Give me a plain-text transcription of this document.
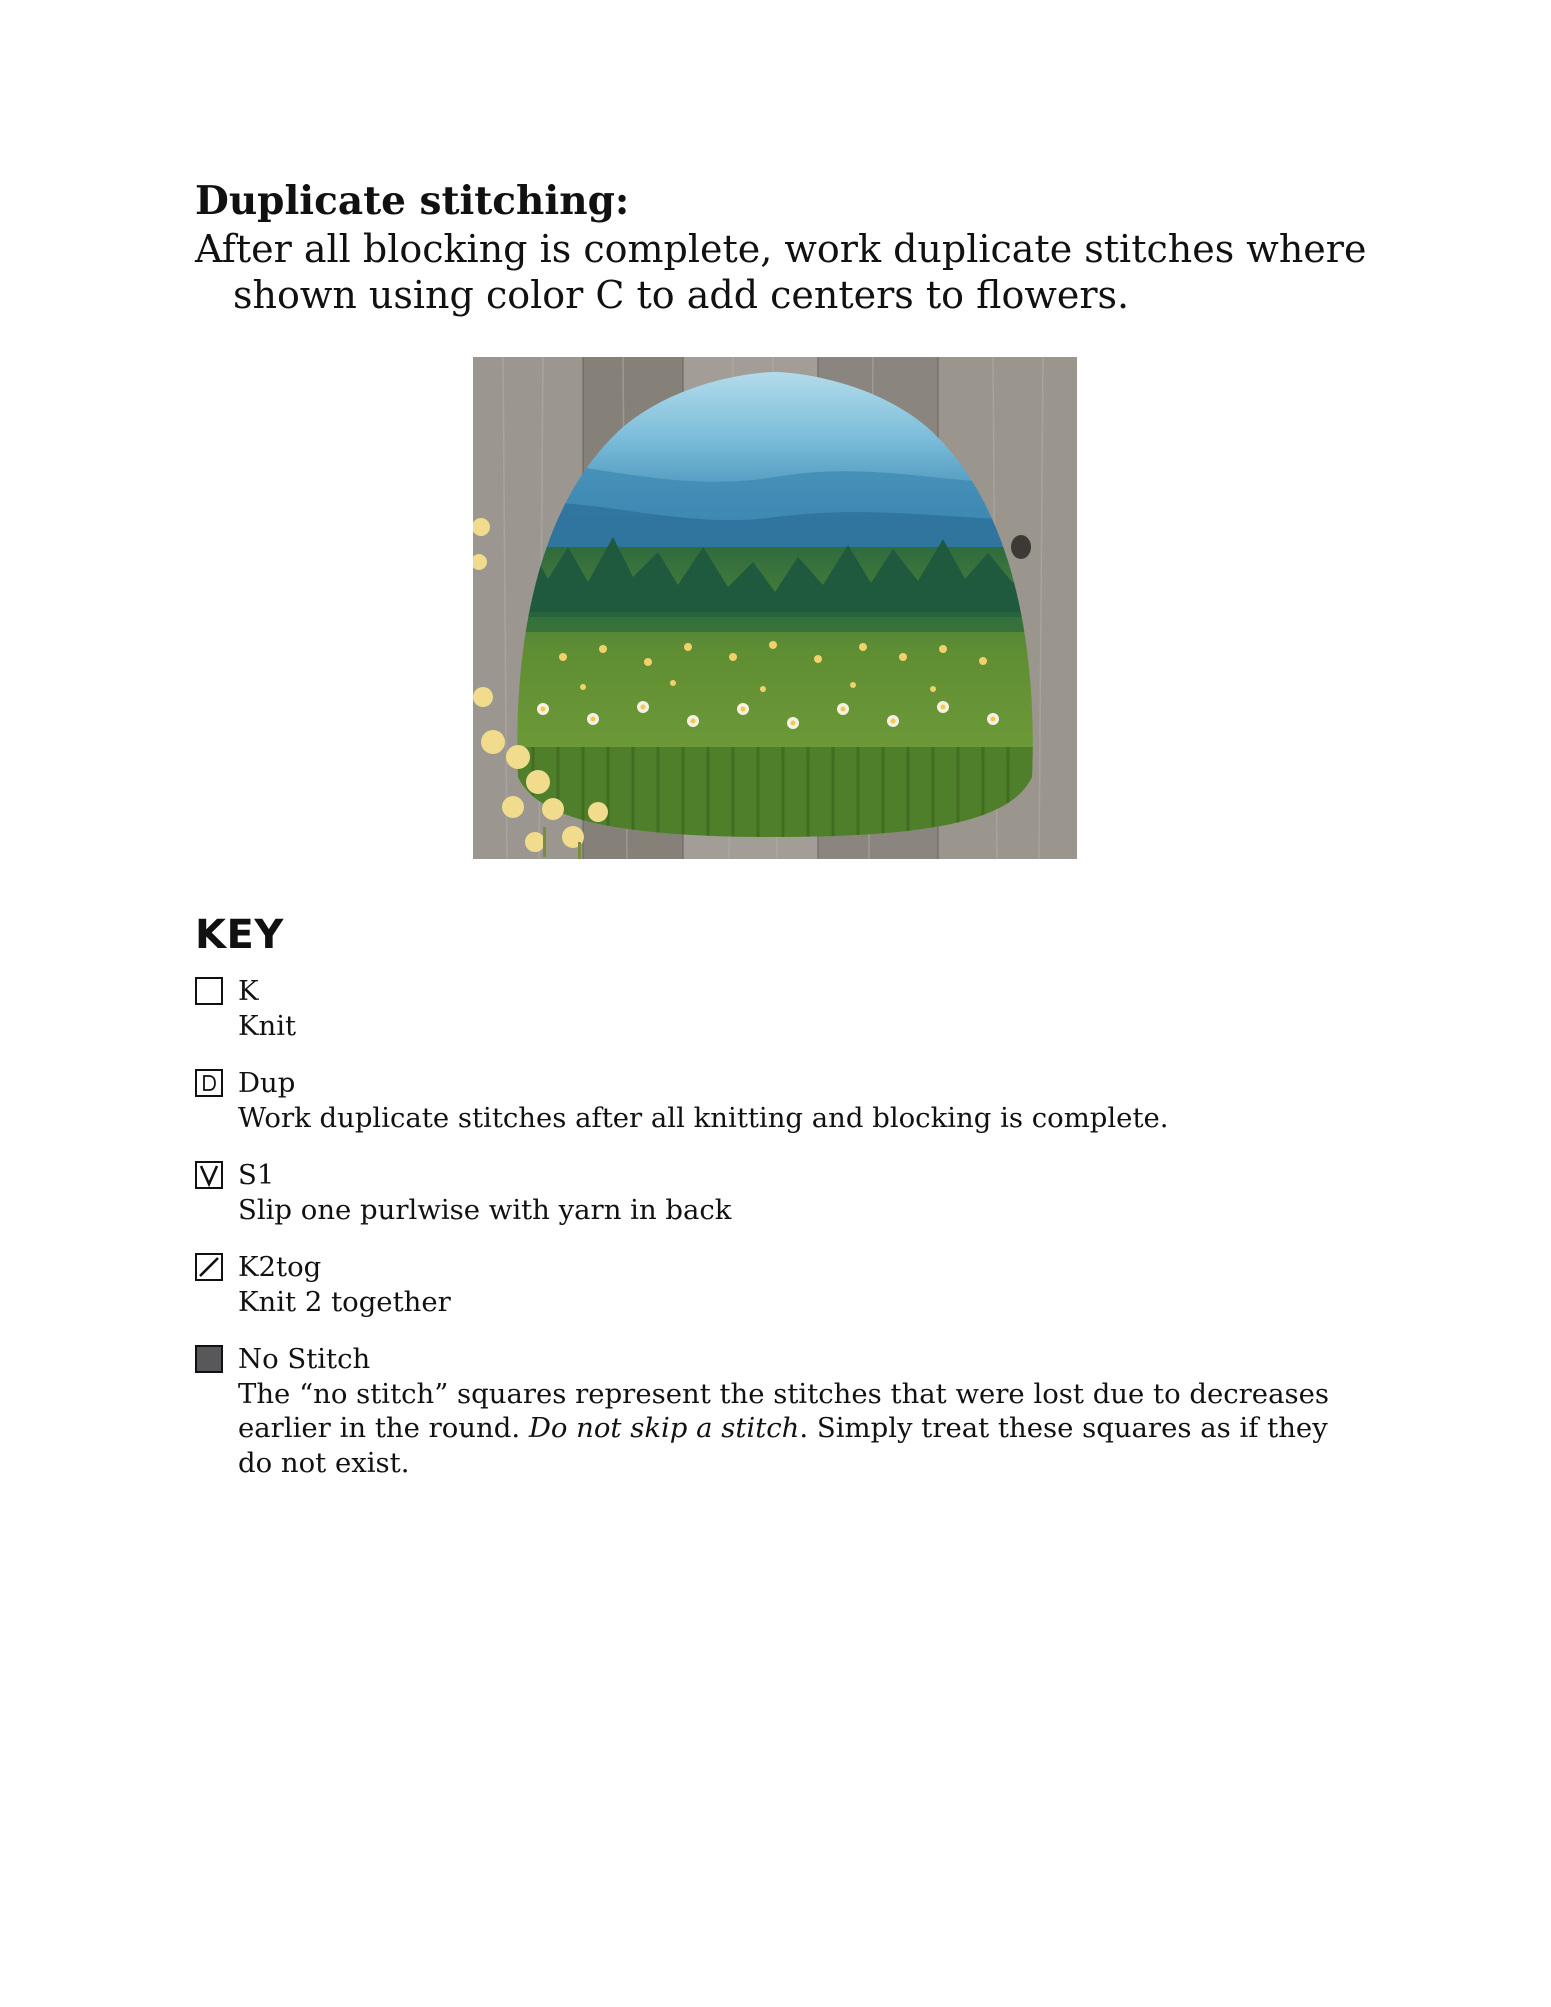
Duplicate stitching:

After all blocking is complete, work duplicate stitches where shown using color C to add centers to flowers.

KEY
K
Knit
Dup
Work duplicate stitches after all knitting and blocking is complete.
S1
Slip one purlwise with yarn in back
K2tog
Knit 2 together
No Stitch
The “no stitch” squares represent the stitches that were lost due to decreases earlier in the round. Do not skip a stitch. Simply treat these squares as if they do not exist.
